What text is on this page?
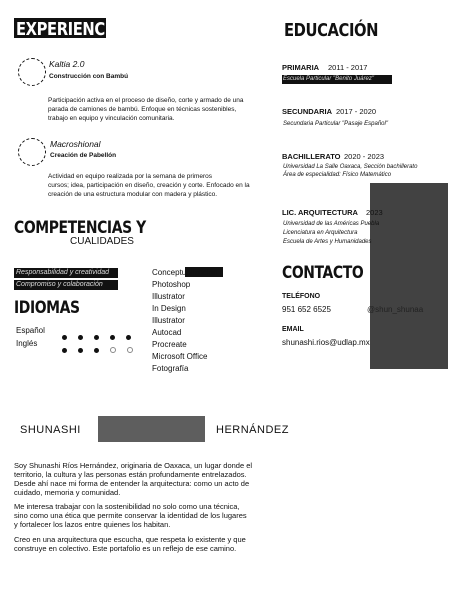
EXPERIENCIA
Kaltia 2.0
Construcción con Bambú
Participación activa en el proceso de diseño, corte y armado de una
parada de camiones de bambú. Enfoque en técnicas sostenibles,
trabajo en equipo y vinculación comunitaria.
Macroshional
Creación de Pabellón
Actividad en equipo realizada por la semana de primeros
cursos; idea, participación en diseño, creación y corte. Enfocado en la
creación de una estructura modular con madera y plástico.
EDUCACIÓN
PRIMARIA 2011 - 2017
Escuela Particular "Benito Juárez"
SECUNDARIA 2017 - 2020
Secundaria Particular "Pasaje Español"
BACHILLERATO 2020 - 2023
Universidad La Salle Oaxaca, Sección bachillerato
Área de especialidad: Físico Matemático
LIC. ARQUITECTURA 2023
Universidad de las Américas Puebla
Licenciatura en Arquitectura
Escuela de Artes y Humanidades
COMPETENCIAS Y
CUALIDADES
Responsabilidad y creatividad
Compromiso y colaboración
Conceptualización
Photoshop
Illustrator
In Design
Illustrator
Autocad
Procreate
Microsoft Office
Fotografía
IDIOMAS
Español
Inglés
CONTACTO
TELÉFONO
951 652 6525	@shun_shunaa
EMAIL
shunashi.rios@udlap.mx
SHUNASHI	HERNÁNDEZ
Soy Shunashi Ríos Hernández, originaria de Oaxaca, un lugar donde el
territorio, la cultura y las personas están profundamente entrelazados.
Desde ahí nace mi forma de entender la arquitectura: como un acto de
cuidado, memoria y comunidad.
Me interesa trabajar con la sostenibilidad no solo como una técnica,
sino como una ética que permite conservar la identidad de los lugares
y fortalecer los lazos entre quienes los habitan.
Creo en una arquitectura que escucha, que respeta lo existente y que
construye en colectivo. Este portafolio es un reflejo de ese camino.
